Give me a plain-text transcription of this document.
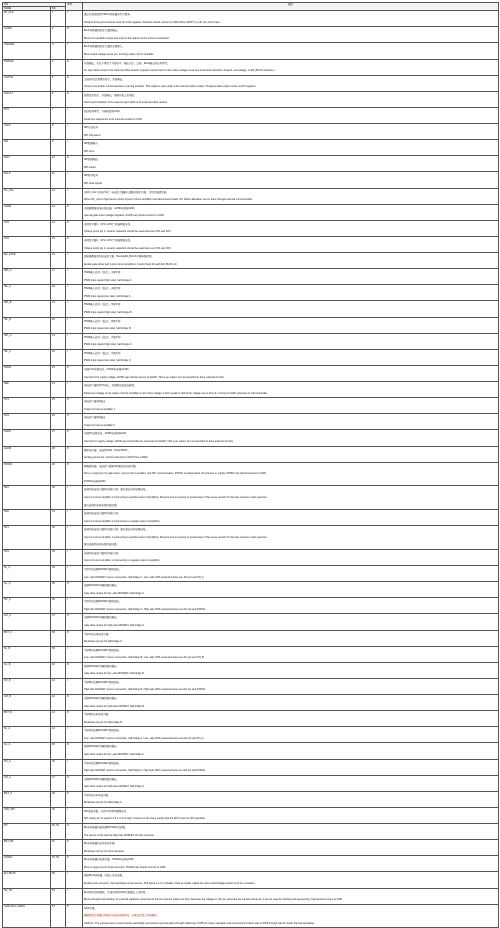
PIN		类型	描述
NAME	NO.		
RT_CLK	1	I	通过外部电阻调节Buck转换器的开关频率。
Resistor timing and external clock for buck regulator. Resistor should connect to GND (Pow erPAD™) w ith very short trace.

COMP	2	O	Buck转换器误差放大器的输出。
Buck error amplifier output and input to the output sw itch current comparator.

VSENSE	3	I	Buck转换器误差放大器的反相输入。
Buck output voltage sense pin. Inverting node of error amplifier.

PWRGD	4	O	开漏输出，在以下情况下为低电平：输出欠压、过温、Buck输出电压异常等。
An open-drain output w ith external pullup resistor required. Asserts low if buck output voltage is low due to thermal shutdown, dropout, overvoltage, or EN_BUCK shutdow n.

nOCTW	5	O	过流和/或过温警告指示，开漏输出。
Overcurrent and/or overtemperature w arning indicator. This output is open drain w ith external pullup resistor. Programmable output mode via SPI registers.

nFAULT	6	O	故障报告指示，开漏输出，需要外部上拉电阻。
Fault report indicator. This output is open drain w ith external pullup resistor.

DTC	7	I	死区时间调节，外接电阻到GND。
Dead time adjustment w ith external resistor to GND

nSCS	8	I	SPI片选信号
SPI chip select

SDI	9	I	SPI数据输入
SPI input

SDO	10	O	SPI数据输出
SPI output

SCLK	11	I	SPI时钟信号
SPI clock signal

DC_CAL	12	I	当DC_CAL为高电平时，电流放大器输入短路并断开负载，可进行偏置校准。
When DC_CAL is high,device shorts inputs of shunt amplifiers and disconnects loads. DC offset calibration can be done through external microcontroller.

GVDD	13	P	内部栅极驱动电压稳压器，GVDD电容接GND。
Internal gate driver voltage regulator. GVDD cap should connect to GND

CP1	14	P	电荷泵引脚1，CP1与CP2之间接陶瓷电容。
Charge pump pin 1, ceramic capacitor should be used betw een CP1 and CP2

CP2	15	P	电荷泵引脚2，CP1与CP2之间接陶瓷电容。
Charge pump pin 2, ceramic capacitor should be used betw een CP1 and CP2

EN_GATE	16	I	使能栅极驱动和电流放大器，Buck由EN_BUCK引脚单独控制。
Enable gate driver and current shunt amplifiers. Control buck through EN_BUCK pin.

INH_A	17	I	PWM输入信号（高边），A相半桥
PWM Input signal (high side), half-bridge A

INL_A	18	I	PWM输入信号（低边），A相半桥
PWM Input signal (low side), half-bridge A

INH_B	19	I	PWM输入信号（高边），B相半桥
PWM Input signal (high side), half-bridge B

INL_B	20	I	PWM输入信号（低边），B相半桥
PWM Input signal (low side), half-bridge B

INH_C	21	I	PWM输入信号（高边），C相半桥
PWM Input signal (high side), half-bridge C

INL_C	22	I	PWM输入信号（低边），C相半桥
PWM Input signal (low side), half-bridge C

DVDD	23	P	内部3.3V电源电压，DVDD电容接AGND。
Internal 3.3-V supply voltage. DVDD cap should connect to AGND. This is an output, but not specified to drive external circuitry.

REF	24	I	电流放大器的参考电压，设置输出的直流偏置。
Reference voltage to set output of shunt amplifiers w ith a bias voltage w hich equals to half of the voltage set on this pin. Connect to ADC reference in microcontroller.

SO1	25	O	电流放大器1的输出
Output of current amplifier 1

SO2	26	O	电流放大器2的输出
Output of current amplifier 2

AVDD	27	P	内部6V电源电压，AVDD电容接AGND。
Internal 6-V supply voltage. AVDD cap should also be connected to AGND. This is an output, but not specified to drive external circuitry.

AGND	28	P	模拟地引脚，连接到GND（PowerPAD）。
Analog ground pin. Connect directly to GND (Pow erPAD)

PVDD1	29	P	栅极驱动器、电流放大器和SPI通信的电源引脚。
Pow er supply pin for gate driver, current shunt amplifier, and SPI communication. PVDD1 is independent of buck pow er supply. PVDD1 cap should connect to GND.
PVDD1电容接GND

SP2	30	I	连接到电流放大器2的正输入端，建议靠近采样电阻接地。
Input of current amplifier 2 (connecting to positive input of amplifier). Recommend to connect to ground side of the sense resistor for the best common mode rejection.
建议连接到采样电阻的接地端。

SN2	31	I	连接到电流放大器2的负输入端。
Input of current amplifier 2 (connecting to negative input of amplifier).

SP1	32	I	连接到电流放大器1的正输入端，建议靠近采样电阻接地。
Input of current amplifier 1 (connecting to positive input of amplifier). Recommend to connect to ground side of the sense resistor for the best common mode rejection.
建议连接到采样电阻的接地端。

SN1	33	I	连接到电流放大器1的负输入端。
Input of current amplifier 1 (connecting to negative input of amplifier).

SL_C	34	I	半桥C的低侧MOSFET源极连接。
Low -side MOSFET source connection, half-bridge C. Low -side VDS measured betw een this pin and SH_C.

GL_C	35	O	低侧MOSFET的栅极驱动输出
Gate drive output for low -side MOSFET, half-bridge C

SH_C	36	I	半桥C的高侧MOSFET源极连接。
High-side MOSFET source connection, half-bridge C. High-side VDS measured betw een this pin and PVDD1.

GH_C	37	O	高侧MOSFET的栅极驱动输出
Gate drive output for high-side MOSFET, half-bridge C

BST_C	38	P	半桥C的自举电容引脚
Bootstrap cap pin for half-bridge C

SL_B	39	I	半桥B的低侧MOSFET源极连接。
Low -side MOSFET source connection, half-bridge B. Low -side VDS measured betw een this pin and SH_B.

GL_B	40	O	低侧MOSFET的栅极驱动输出
Gate drive output for low -side MOSFET, half-bridge B

SH_B	41	I	半桥B的高侧MOSFET源极连接。
High-side MOSFET source connection, half-bridge B. High-side VDS measured betw een this pin and PVDD1.

GH_B	42	O	高侧MOSFET的栅极驱动输出
Gate drive output for high-side MOSFET, half-bridge B

BST_B	43	P	半桥B的自举电容引脚
Bootstrap cap pin for half-bridge B

SL_A	44	I	半桥A的低侧MOSFET源极连接。
Low -side MOSFET source connection, half-bridge A. Low -side VDS measured betw een this pin and SH_A.

GL_A	45	O	低侧MOSFET的栅极驱动输出
Gate drive output for low -side MOSFET, half-bridge A

SH_A	46	I	半桥A的高侧MOSFET源极连接。
High-side MOSFET source connection, half-bridge A. High-side VDS measured betw een this pin and PVDD1.

GH_A	47	O	高侧MOSFET的栅极驱动输出
Gate drive output for high-side MOSFET, half-bridge A

BST_A	48	P	半桥A的自举电容引脚
Bootstrap cap pin for half-bridge A

VDD_SPI	49	I	SPI电源引脚，支持3.3V或5V逻辑电平。
SPI supply pin to support 3.3-V or 5-V logic. Connect to the same supply that the MCU uses for SPI operation.

PH	50, 51	O	Buck转换器内部高侧MOSFET的源极。
The source of the internal high side MOSFET of buck converter

BST_BK	52	P	Buck转换器的自举电容引脚
Bootstrap cap pin for buck converter

PVDD2	53, 54	P	Buck转换器的电源引脚，PVDD2电容接GND。
Pow er supply pin for buck converter, PVDD2 cap should connect to GND.

EN_BUCK	55	I	使能Buck转换器，内部上拉电流源。
Enable buck converter. Internal pullup current source. Pull below 1.2 V to disable. Float to enable. Adjust the input undervoltage lockout w ith tw o resistors

SS_TR	56	I	Buck软启动和跟踪，外接电容到GND设置输出上升时间。
Buck soft-start and tracking. An external capacitor connected to this pin sets the output rise time. Because the voltage on this pin overrides the internal reference, it can be used for tracking and sequencing. Cap should connect to GND

GND (Pow erPAD)	57	P	GND引脚。
裸露焊盘必须通过焊接良好地电连接到地，以保证正常工作和散热。
GND pin. The exposed pow er pad must be electrically connected to ground plane through soldering to PCB for proper operation and connected to bottom side of PCB through vias for better thermal spreading.
